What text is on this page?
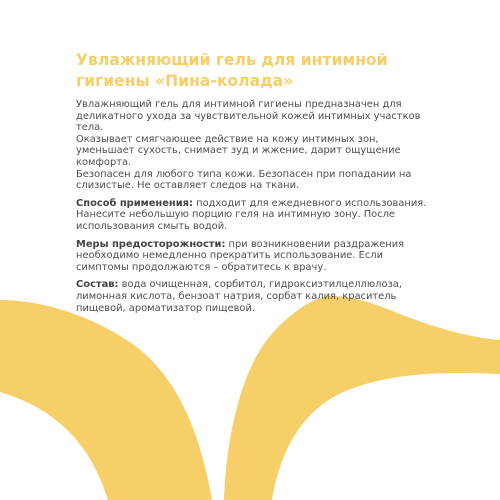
Увлажняющий гель для интимной
гигиены «Пина-колада»

Увлажняющий гель для интимной гигиены предназначен для деликатного ухода за чувствительной кожей интимных участков тела.

Оказывает смягчающее действие на кожу интимных зон, уменьшает сухость, снимает зуд и жжение, дарит ощущение комфорта.

Безопасен для любого типа кожи. Безопасен при попадании на слизистые. Не оставляет следов на ткани.

Способ применения: подходит для ежедневного использования. Нанесите небольшую порцию геля на интимную зону. После использования смыть водой.

Меры предосторожности: при возникновении раздражения необходимо немедленно прекратить использование. Если симптомы продолжаются – обратитесь к врачу.

Состав: вода очищенная, сорбитол, гидроксиэтилцеллюлоза, лимонная кислота, бензоат натрия, сорбат калия, краситель пищевой, ароматизатор пищевой.
